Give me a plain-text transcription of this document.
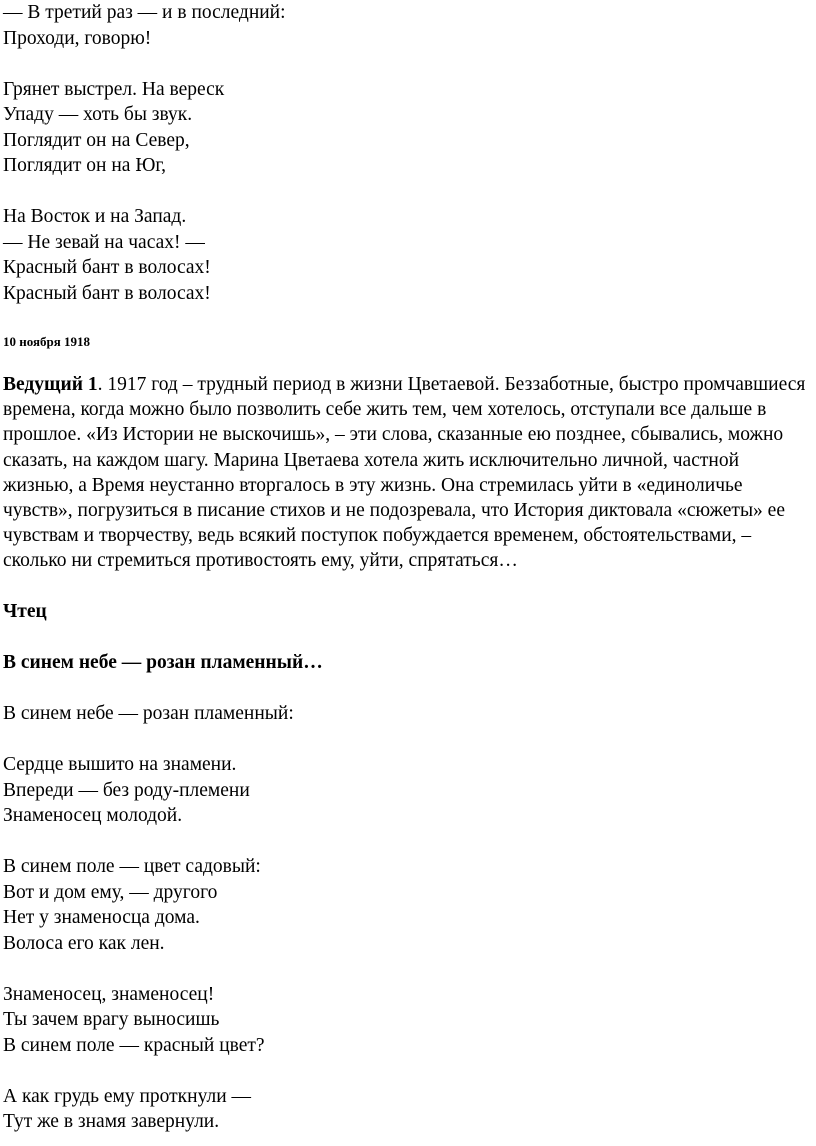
— В третий раз — и в последний:
Проходи, говорю!
Грянет выстрел. На вереск
Упаду — хоть бы звук.
Поглядит он на Север,
Поглядит он на Юг,
На Восток и на Запад.
— Не зевай на часах! —
Красный бант в волосах!
Красный бант в волосах!
10 ноября 1918

Ведущий 1. 1917 год – трудный период в жизни Цветаевой. Беззаботные, быстро промчавшиеся времена, когда можно было позволить себе жить тем, чем хотелось, отступали все дальше в прошлое. «Из Истории не выскочишь», – эти слова, сказанные ею позднее, сбывались, можно сказать, на каждом шагу. Марина Цветаева хотела жить исключительно личной, частной жизнью, а Время неустанно вторгалось в эту жизнь. Она стремилась уйти в «единоличье чувств», погрузиться в писание стихов и не подозревала, что История диктовала «сюжеты» ее чувствам и творчеству, ведь всякий поступок побуждается временем, обстоятельствами, – сколько ни стремиться противостоять ему, уйти, спрятаться…

Чтец

В синем небе — розан пламенный…

В синем небе — розан пламенный:
Сердце вышито на знамени.
Впереди — без роду-племени
Знаменосец молодой.
В синем поле — цвет садовый:
Вот и дом ему, — другого
Нет у знаменосца дома.
Волоса его как лен.
Знаменосец, знаменосец!
Ты зачем врагу выносишь
В синем поле — красный цвет?
А как грудь ему проткнули —
Тут же в знамя завернули.
